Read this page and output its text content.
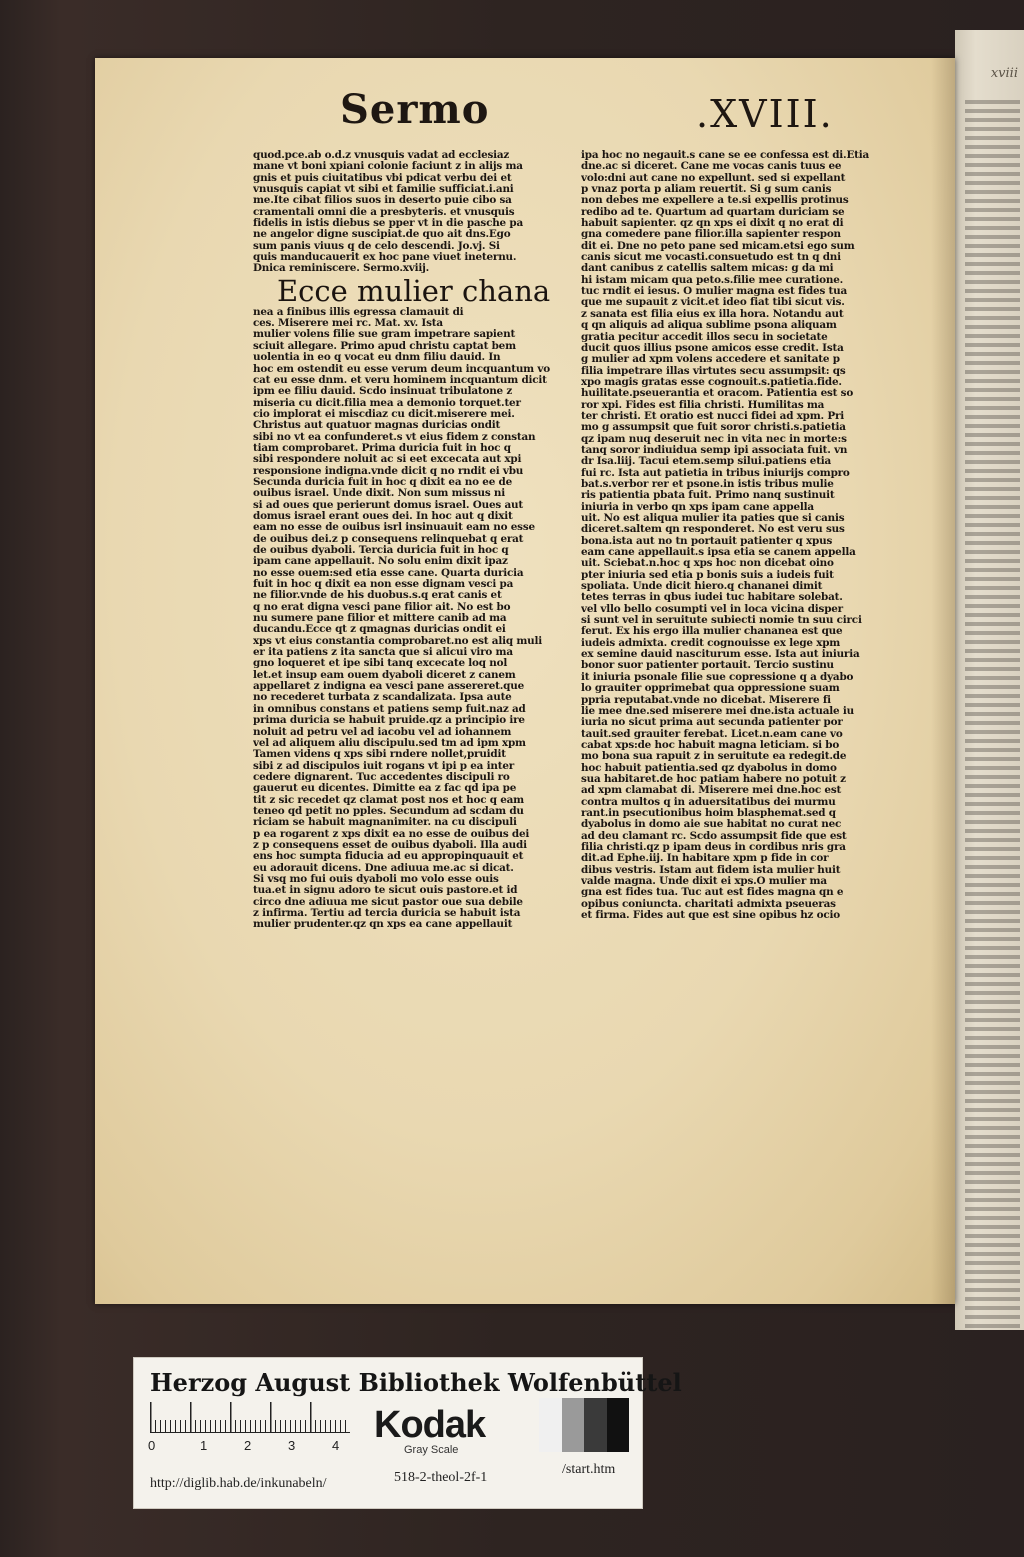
xviii
Sermo	.XVIII.
quod.pce.ab o.d.z vnusquis vadat ad ecclesiaz
mane vt boni xpiani colonie faciunt z in alijs ma
gnis et puis ciuitatibus vbi pdicat verbu dei et
vnusquis capiat vt sibi et familie sufficiat.i.ani
me.Ite cibat filios suos in deserto puie cibo sa
cramentali omni die a presbyteris. et vnusquis
fidelis in istis diebus se pper vt in die pasche pa
ne angelor digne suscipiat.de quo ait dns.Ego
sum panis viuus q de celo descendi. Jo.vj. Si
quis manducauerit ex hoc pane viuet ineternu.
Dnica reminiscere. Sermo.xviij.
Ecce mulier chana
nea a finibus illis egressa clamauit di
ces. Miserere mei rc. Mat. xv. Ista
mulier volens filie sue gram impetrare sapient
sciuit allegare. Primo apud christu captat bem
uolentia in eo q vocat eu dnm filiu dauid. In
hoc em ostendit eu esse verum deum incquantum vo
cat eu esse dnm. et veru hominem incquantum dicit
ipm ee filiu dauid. Scdo insinuat tribulatone z
miseria cu dicit.filia mea a demonio torquet.ter
cio implorat ei miscdiaz cu dicit.miserere mei.
Christus aut quatuor magnas duricias ondit
sibi no vt ea confunderet.s vt eius fidem z constan
tiam comprobaret. Prima duricia fuit in hoc q
sibi respondere noluit ac si eet excecata aut xpi
responsione indigna.vnde dicit q no rndit ei vbu
Secunda duricia fuit in hoc q dixit ea no ee de
ouibus israel. Unde dixit. Non sum missus ni
si ad oues que perierunt domus israel. Oues aut
domus israel erant oues dei. In hoc aut q dixit
eam no esse de ouibus isrl insinuauit eam no esse
de ouibus dei.z p consequens relinquebat q erat
de ouibus dyaboli. Tercia duricia fuit in hoc q
ipam cane appellauit. No solu enim dixit ipaz
no esse ouem:sed etia esse cane. Quarta duricia
fuit in hoc q dixit ea non esse dignam vesci pa
ne filior.vnde de his duobus.s.q erat canis et
q no erat digna vesci pane filior ait. No est bo
nu sumere pane filior et mittere canib ad ma
ducandu.Ecce qt z qmagnas duricias ondit ei
xps vt eius constantia comprobaret.no est aliq muli
er ita patiens z ita sancta que si alicui viro ma
gno loqueret et ipe sibi tanq excecate loq nol
let.et insup eam ouem dyaboli diceret z canem
appellaret z indigna ea vesci pane assereret.que
no recederet turbata z scandalizata. Ipsa aute
in omnibus constans et patiens semp fuit.naz ad
prima duricia se habuit pruide.qz a principio ire
noluit ad petru vel ad iacobu vel ad iohannem
vel ad aliquem aliu discipulu.sed tm ad ipm xpm
Tamen videns q xps sibi rndere nollet,pruidit
sibi z ad discipulos iuit rogans vt ipi p ea inter
cedere dignarent. Tuc accedentes discipuli ro
gauerut eu dicentes. Dimitte ea z fac qd ipa pe
tit z sic recedet qz clamat post nos et hoc q eam
teneo qd petit no pples. Secundum ad scdam du
riciam se habuit magnanimiter. na cu discipuli
p ea rogarent z xps dixit ea no esse de ouibus dei
z p consequens esset de ouibus dyaboli. Illa audi
ens hoc sumpta fiducia ad eu appropinquauit et
eu adorauit dicens. Dne adiuua me.ac si dicat.
Si vsq mo fui ouis dyaboli mo volo esse ouis
tua.et in signu adoro te sicut ouis pastore.et id
circo dne adiuua me sicut pastor oue sua debile
z infirma. Tertiu ad tercia duricia se habuit ista
mulier prudenter.qz qn xps ea cane appellauit
ipa hoc no negauit.s cane se ee confessa est di.Etia
dne.ac si diceret. Cane me vocas canis tuus ee
volo:dni aut cane no expellunt. sed si expellant
p vnaz porta p aliam reuertit. Si g sum canis
non debes me expellere a te.si expellis protinus
redibo ad te. Quartum ad quartam duriciam se
habuit sapienter. qz qn xps ei dixit q no erat di
gna comedere pane filior.illa sapienter respon
dit ei. Dne no peto pane sed micam.etsi ego sum
canis sicut me vocasti.consuetudo est tn q dni
dant canibus z catellis saltem micas: g da mi
hi istam micam qua peto.s.filie mee curatione.
tuc rndit ei iesus. O mulier magna est fides tua
que me supauit z vicit.et ideo fiat tibi sicut vis.
z sanata est filia eius ex illa hora. Notandu aut
q qn aliquis ad aliqua sublime psona aliquam
gratia pecitur accedit illos secu in societate
ducit quos illius psone amicos esse credit. Ista
g mulier ad xpm volens accedere et sanitate p
filia impetrare illas virtutes secu assumpsit: qs
xpo magis gratas esse cognouit.s.patietia.fide.
huilitate.pseuerantia et oracom. Patientia est so
ror xpi. Fides est filia christi. Humilitas ma
ter christi. Et oratio est nucci fidei ad xpm. Pri
mo g assumpsit que fuit soror christi.s.patietia
qz ipam nuq deseruit nec in vita nec in morte:s
tanq soror indiuidua semp ipi associata fuit. vn
dr Isa.liij. Tacui etem.semp silui.patiens etia
fui rc. Ista aut patietia in tribus iniurijs compro
bat.s.verbor rer et psone.in istis tribus mulie
ris patientia pbata fuit. Primo nanq sustinuit
iniuria in verbo qn xps ipam cane appella
uit. No est aliqua mulier ita paties que si canis
diceret.saltem qn responderet. No est veru sus
bona.ista aut no tn portauit patienter q xpus
eam cane appellauit.s ipsa etia se canem appella
uit. Sciebat.n.hoc q xps hoc non dicebat oino
pter iniuria sed etia p bonis suis a iudeis fuit
spoliata. Unde dicit hiero.q chananei dimit
tetes terras in qbus iudei tuc habitare solebat.
vel vllo bello cosumpti vel in loca vicina disper
si sunt vel in seruitute subiecti nomie tn suu circi
ferut. Ex his ergo illa mulier chananea est que
iudeis admixta. credit cognouisse ex lege xpm
ex semine dauid nasciturum esse. Ista aut iniuria
bonor suor patienter portauit. Tercio sustinu
it iniuria psonale filie sue copressione q a dyabo
lo grauiter opprimebat qua oppressione suam
ppria reputabat.vnde no dicebat. Miserere fi
lie mee dne.sed miserere mei dne.ista actuale iu
iuria no sicut prima aut secunda patienter por
tauit.sed grauiter ferebat. Licet.n.eam cane vo
cabat xps:de hoc habuit magna leticiam. si bo
mo bona sua rapuit z in seruitute ea redegit.de
hoc habuit patientia.sed qz dyabolus in domo
sua habitaret.de hoc patiam habere no potuit z
ad xpm clamabat di. Miserere mei dne.hoc est
contra multos q in aduersitatibus dei murmu
rant.in psecutionibus hoim blasphemat.sed q
dyabolus in domo aie sue habitat no curat nec
ad deu clamant rc. Scdo assumpsit fide que est
filia christi.qz p ipam deus in cordibus nris gra
dit.ad Ephe.iij. In habitare xpm p fide in cor
dibus vestris. Istam aut fidem ista mulier huit
valde magna. Unde dixit ei xps.O mulier ma
gna est fides tua. Tuc aut est fides magna qn e
opibus coniuncta. charitati admixta pseueras
et firma. Fides aut que est sine opibus hz ocio
Herzog August Bibliothek Wolfenbüttel
0	1	2	3	4 Kodak
Gray Scale
http://diglib.hab.de/inkunabeln/	518-2-theol-2f-1
/start.htm
